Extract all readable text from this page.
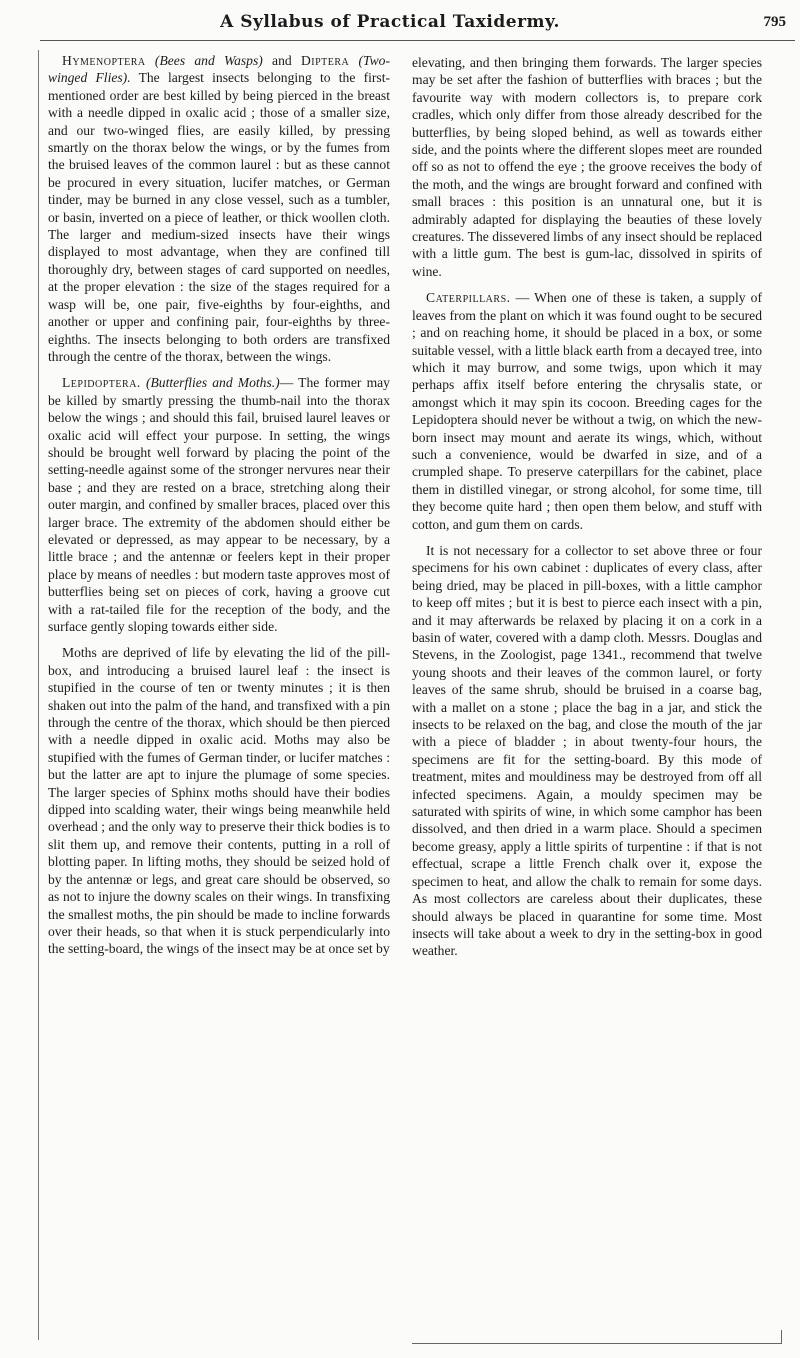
A Syllabus of Practical Taxidermy.	795

Hymenoptera (Bees and Wasps) and Diptera (Two-winged Flies). The largest insects belonging to the first-mentioned order are best killed by being pierced in the breast with a needle dipped in oxalic acid ; those of a smaller size, and our two-winged flies, are easily killed, by pressing smartly on the thorax below the wings, or by the fumes from the bruised leaves of the common laurel : but as these cannot be procured in every situation, lucifer matches, or German tinder, may be burned in any close vessel, such as a tumbler, or basin, inverted on a piece of leather, or thick woollen cloth. The larger and medium-sized insects have their wings displayed to most advantage, when they are confined till thoroughly dry, between stages of card supported on needles, at the proper elevation : the size of the stages required for a wasp will be, one pair, five-eighths by four-eighths, and another or upper and confining pair, four-eighths by three-eighths. The insects belonging to both orders are transfixed through the centre of the thorax, between the wings.

Lepidoptera. (Butterflies and Moths.)— The former may be killed by smartly pressing the thumb-nail into the thorax below the wings ; and should this fail, bruised laurel leaves or oxalic acid will effect your purpose. In setting, the wings should be brought well forward by placing the point of the setting-needle against some of the stronger nervures near their base ; and they are rested on a brace, stretching along their outer margin, and confined by smaller braces, placed over this larger brace. The extremity of the abdomen should either be elevated or depressed, as may appear to be necessary, by a little brace ; and the antennæ or feelers kept in their proper place by means of needles : but modern taste approves most of butterflies being set on pieces of cork, having a groove cut with a rat-tailed file for the reception of the body, and the surface gently sloping towards either side.

Moths are deprived of life by elevating the lid of the pill-box, and introducing a bruised laurel leaf : the insect is stupified in the course of ten or twenty minutes ; it is then shaken out into the palm of the hand, and transfixed with a pin through the centre of the thorax, which should be then pierced with a needle dipped in oxalic acid. Moths may also be stupified with the fumes of German tinder, or lucifer matches : but the latter are apt to injure the plumage of some species. The larger species of Sphinx moths should have their bodies dipped into scalding water, their wings being meanwhile held overhead ; and the only way to preserve their thick bodies is to slit them up, and remove their contents, putting in a roll of blotting paper. In lifting moths, they should be seized hold of by the antennæ or legs, and great care should be observed, so as not to injure the downy scales on their wings. In transfixing the smallest moths, the pin should be made to incline forwards over their heads, so that when it is stuck perpendicularly into the setting-board, the wings of the insect may be at once set by

elevating, and then bringing them forwards. The larger species may be set after the fashion of butterflies with braces ; but the favourite way with modern collectors is, to prepare cork cradles, which only differ from those already described for the butterflies, by being sloped behind, as well as towards either side, and the points where the different slopes meet are rounded off so as not to offend the eye ; the groove receives the body of the moth, and the wings are brought forward and confined with small braces : this position is an unnatural one, but it is admirably adapted for displaying the beauties of these lovely creatures. The dissevered limbs of any insect should be replaced with a little gum. The best is gum-lac, dissolved in spirits of wine.

Caterpillars. — When one of these is taken, a supply of leaves from the plant on which it was found ought to be secured ; and on reaching home, it should be placed in a box, or some suitable vessel, with a little black earth from a decayed tree, into which it may burrow, and some twigs, upon which it may perhaps affix itself before entering the chrysalis state, or amongst which it may spin its cocoon. Breeding cages for the Lepidoptera should never be without a twig, on which the new-born insect may mount and aerate its wings, which, without such a convenience, would be dwarfed in size, and of a crumpled shape. To preserve caterpillars for the cabinet, place them in distilled vinegar, or strong alcohol, for some time, till they become quite hard ; then open them below, and stuff with cotton, and gum them on cards.

It is not necessary for a collector to set above three or four specimens for his own cabinet : duplicates of every class, after being dried, may be placed in pill-boxes, with a little camphor to keep off mites ; but it is best to pierce each insect with a pin, and it may afterwards be relaxed by placing it on a cork in a basin of water, covered with a damp cloth. Messrs. Douglas and Stevens, in the Zoologist, page 1341., recommend that twelve young shoots and their leaves of the common laurel, or forty leaves of the same shrub, should be bruised in a coarse bag, with a mallet on a stone ; place the bag in a jar, and stick the insects to be relaxed on the bag, and close the mouth of the jar with a piece of bladder ; in about twenty-four hours, the specimens are fit for the setting-board. By this mode of treatment, mites and mouldiness may be destroyed from off all infected specimens. Again, a mouldy specimen may be saturated with spirits of wine, in which some camphor has been dissolved, and then dried in a warm place. Should a specimen become greasy, apply a little spirits of turpentine : if that is not effectual, scrape a little French chalk over it, expose the specimen to heat, and allow the chalk to remain for some days. As most collectors are careless about their duplicates, these should always be placed in quarantine for some time. Most insects will take about a week to dry in the setting-box in good weather.
